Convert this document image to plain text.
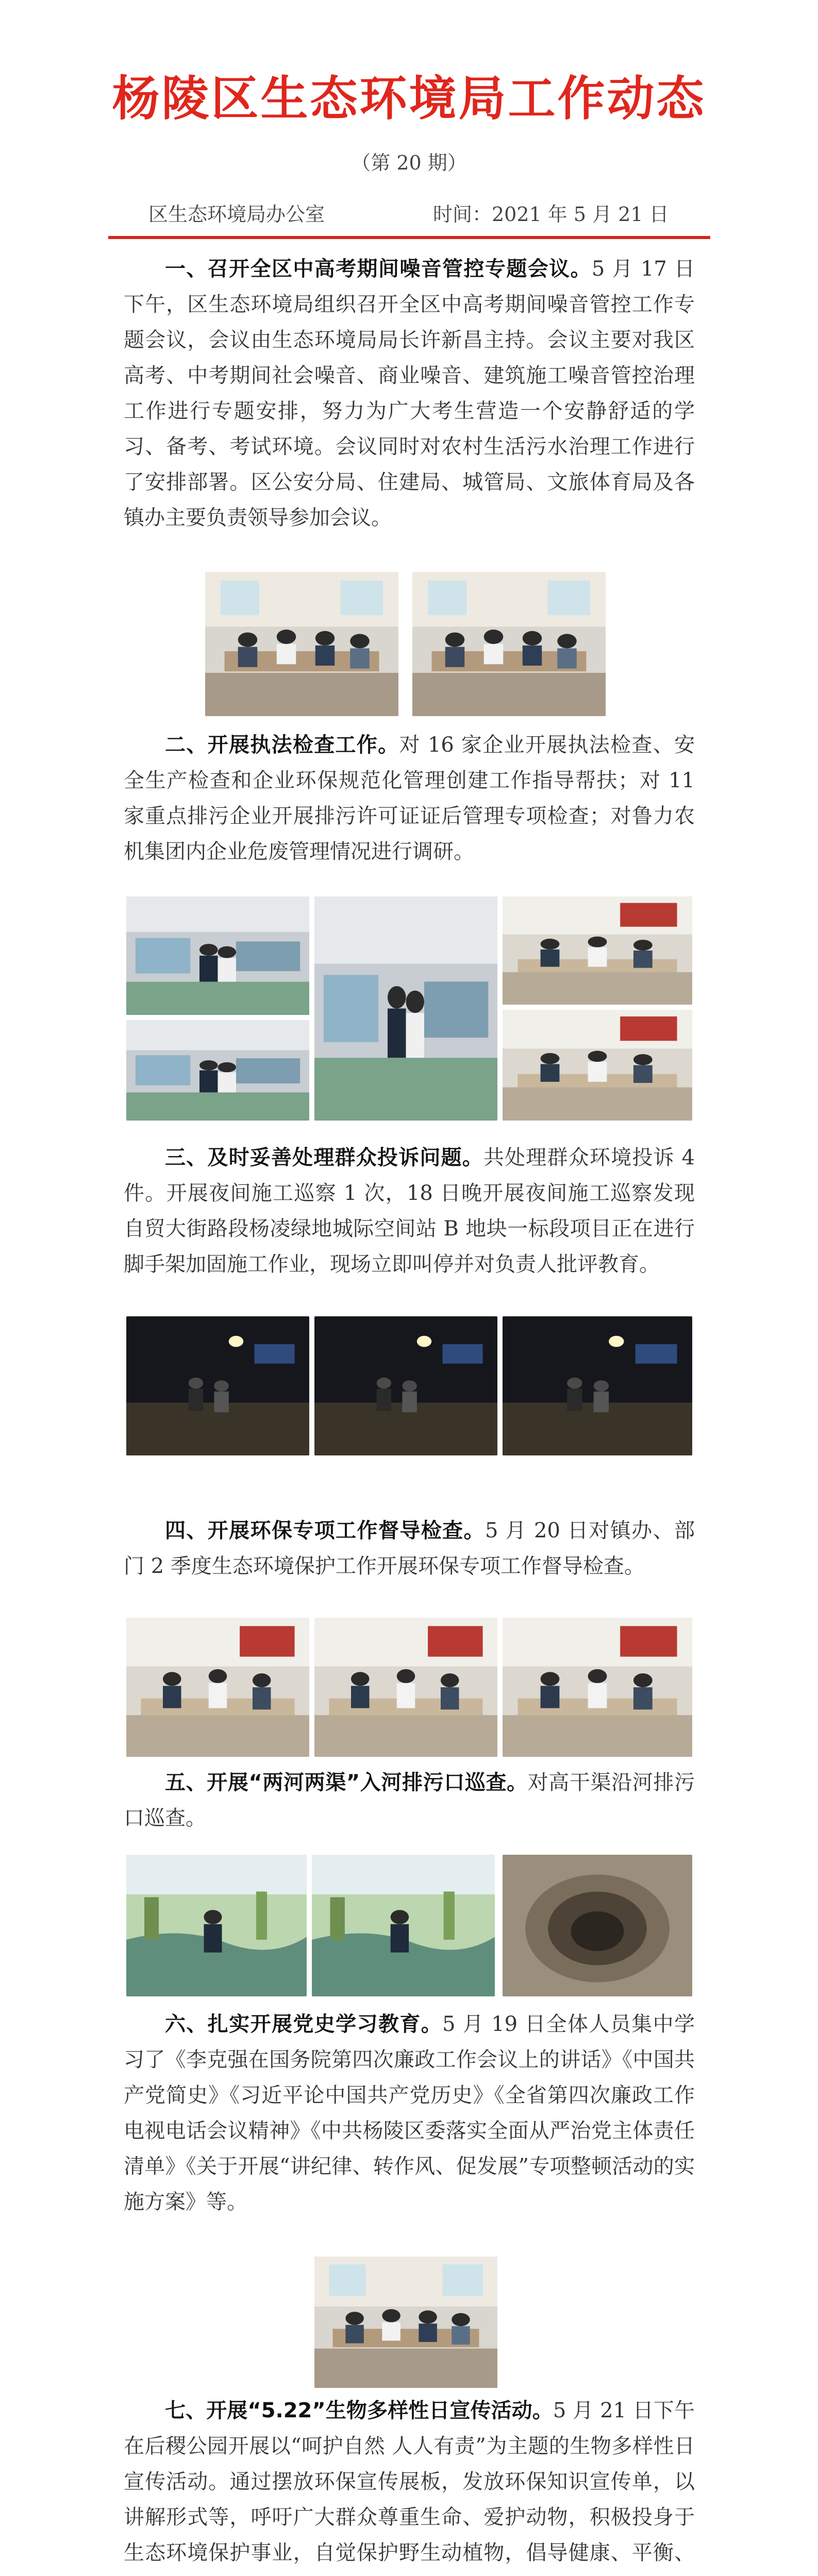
杨陵区生态环境局工作动态
（第 20 期）
区生态环境局办公室	时间：2021 年 5 月 21 日
一、召开全区中高考期间噪音管控专题会议。5 月 17 日下午，区生态环境局组织召开全区中高考期间噪音管控工作专题会议，会议由生态环境局局长许新昌主持。会议主要对我区高考、中考期间社会噪音、商业噪音、建筑施工噪音管控治理工作进行专题安排，努力为广大考生营造一个安静舒适的学习、备考、考试环境。会议同时对农村生活污水治理工作进行了安排部署。区公安分局、住建局、城管局、文旅体育局及各镇办主要负责领导参加会议。
二、开展执法检查工作。对 16 家企业开展执法检查、安全生产检查和企业环保规范化管理创建工作指导帮扶；对 11 家重点排污企业开展排污许可证证后管理专项检查；对鲁力农机集团内企业危废管理情况进行调研。
三、及时妥善处理群众投诉问题。共处理群众环境投诉 4 件。开展夜间施工巡察 1 次，18 日晚开展夜间施工巡察发现自贸大街路段杨凌绿地城际空间站 B 地块一标段项目正在进行脚手架加固施工作业，现场立即叫停并对负责人批评教育。
四、开展环保专项工作督导检查。5 月 20 日对镇办、部门 2 季度生态环境保护工作开展环保专项工作督导检查。
五、开展“两河两渠”入河排污口巡查。对高干渠沿河排污口巡查。
六、扎实开展党史学习教育。5 月 19 日全体人员集中学习了《李克强在国务院第四次廉政工作会议上的讲话》《中国共产党简史》《习近平论中国共产党历史》《全省第四次廉政工作电视电话会议精神》《中共杨陵区委落实全面从严治党主体责任清单》《关于开展“讲纪律、转作风、促发展”专项整顿活动的实施方案》等。
七、开展“5.22”生物多样性日宣传活动。5 月 21 日下午在后稷公园开展以“呵护自然 人人有责”为主题的生物多样性日宣传活动。通过摆放环保宣传展板，发放环保知识宣传单，以讲解形式等，呼吁广大群众尊重生命、爱护动物，积极投身于生态环境保护事业，自觉保护野生动植物，倡导健康、平衡、
